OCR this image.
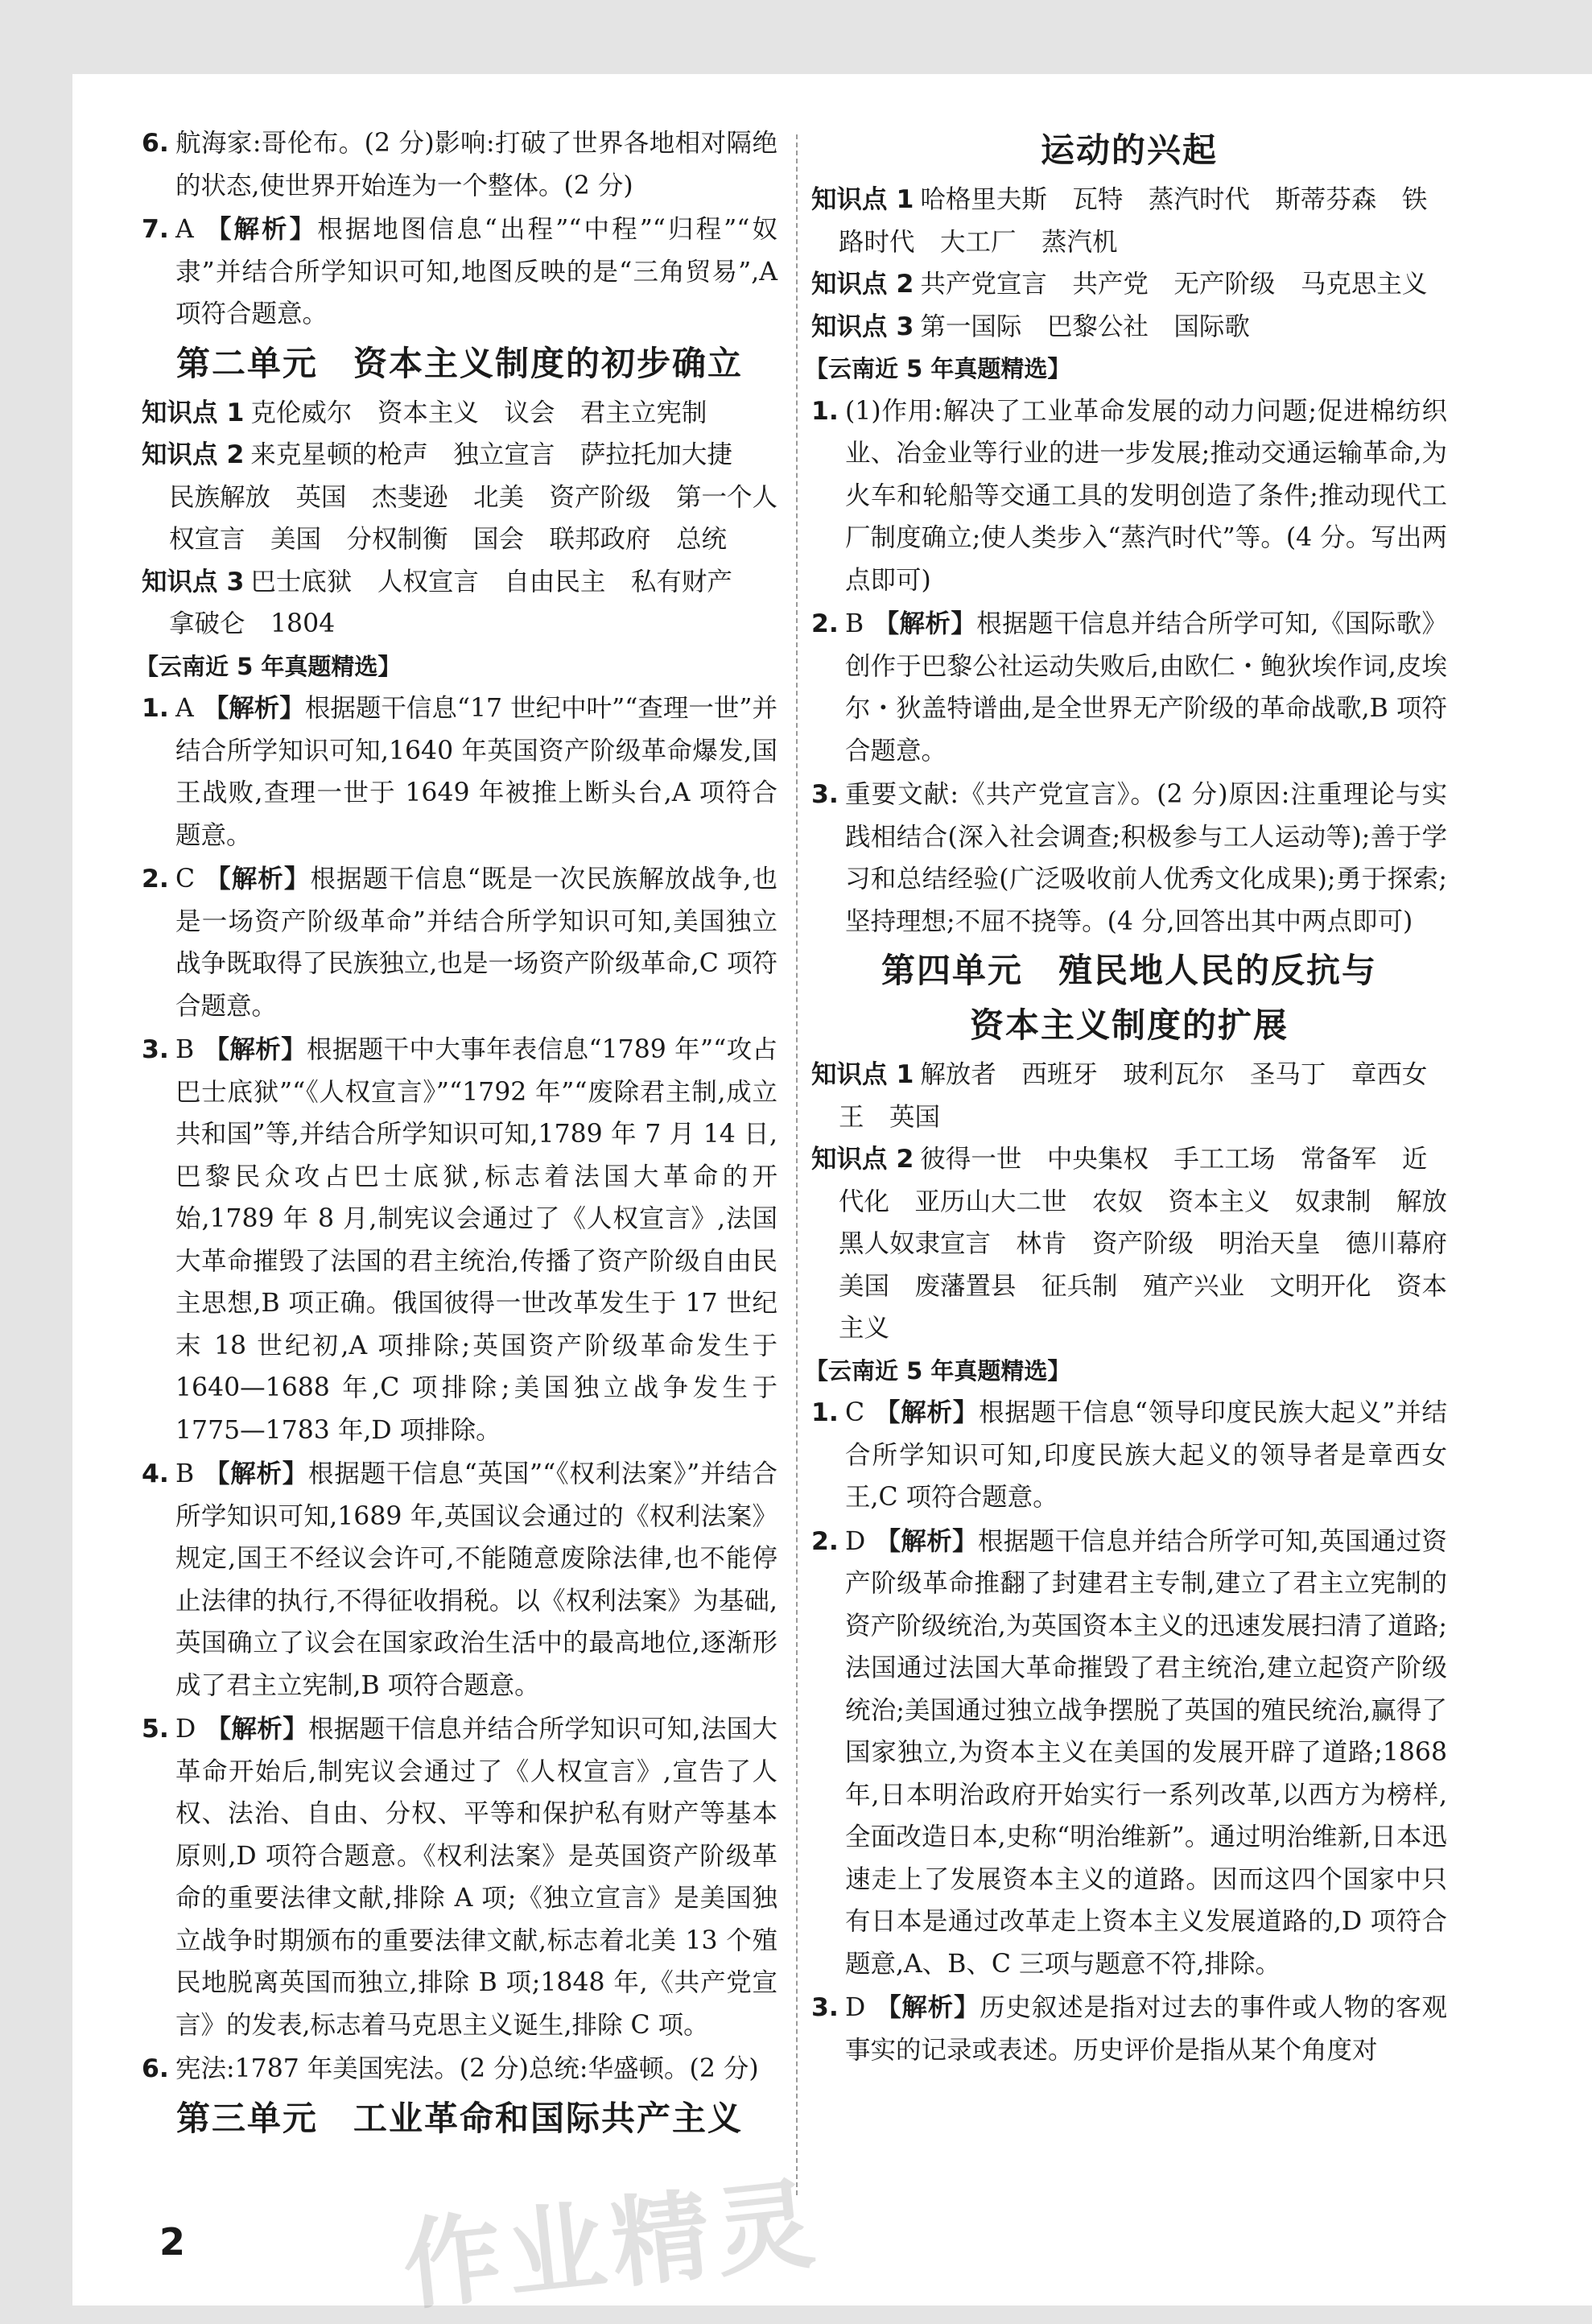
6. 航海家:哥伦布。(2 分)影响:打破了世界各地相对隔绝的状态,使世界开始连为一个整体。(2 分)
7. A 【解析】根据地图信息“出程”“中程”“归程”“奴隶”并结合所学知识可知,地图反映的是“三角贸易”,A 项符合题意。
第二单元　资本主义制度的初步确立

知识点 1 克伦威尔　资本主义　议会　君主立宪制

知识点 2 来克星顿的枪声　独立宣言　萨拉托加大捷　民族解放　英国　杰斐逊　北美　资产阶级　第一个人权宣言　美国　分权制衡　国会　联邦政府　总统

知识点 3 巴士底狱　人权宣言　自由民主　私有财产　拿破仑　1804

【云南近 5 年真题精选】
1. A 【解析】根据题干信息“17 世纪中叶”“查理一世”并结合所学知识可知,1640 年英国资产阶级革命爆发,国王战败,查理一世于 1649 年被推上断头台,A 项符合题意。
2. C 【解析】根据题干信息“既是一次民族解放战争,也是一场资产阶级革命”并结合所学知识可知,美国独立战争既取得了民族独立,也是一场资产阶级革命,C 项符合题意。
3. B 【解析】根据题干中大事年表信息“1789 年”“攻占巴士底狱”“《人权宣言》”“1792 年”“废除君主制,成立共和国”等,并结合所学知识可知,1789 年 7 月 14 日,巴黎民众攻占巴士底狱,标志着法国大革命的开始,1789 年 8 月,制宪议会通过了《人权宣言》,法国大革命摧毁了法国的君主统治,传播了资产阶级自由民主思想,B 项正确。俄国彼得一世改革发生于 17 世纪末 18 世纪初,A 项排除;英国资产阶级革命发生于 1640—1688 年,C 项排除;美国独立战争发生于 1775—1783 年,D 项排除。
4. B 【解析】根据题干信息“英国”“《权利法案》”并结合所学知识可知,1689 年,英国议会通过的《权利法案》规定,国王不经议会许可,不能随意废除法律,也不能停止法律的执行,不得征收捐税。以《权利法案》为基础,英国确立了议会在国家政治生活中的最高地位,逐渐形成了君主立宪制,B 项符合题意。
5. D 【解析】根据题干信息并结合所学知识可知,法国大革命开始后,制宪议会通过了《人权宣言》,宣告了人权、法治、自由、分权、平等和保护私有财产等基本原则,D 项符合题意。《权利法案》是英国资产阶级革命的重要法律文献,排除 A 项;《独立宣言》是美国独立战争时期颁布的重要法律文献,标志着北美 13 个殖民地脱离英国而独立,排除 B 项;1848 年,《共产党宣言》的发表,标志着马克思主义诞生,排除 C 项。
6. 宪法:1787 年美国宪法。(2 分)总统:华盛顿。(2 分)
第三单元　工业革命和国际共产主义
运动的兴起

知识点 1 哈格里夫斯　瓦特　蒸汽时代　斯蒂芬森　铁路时代　大工厂　蒸汽机

知识点 2 共产党宣言　共产党　无产阶级　马克思主义

知识点 3 第一国际　巴黎公社　国际歌

【云南近 5 年真题精选】
1. (1)作用:解决了工业革命发展的动力问题;促进棉纺织业、冶金业等行业的进一步发展;推动交通运输革命,为火车和轮船等交通工具的发明创造了条件;推动现代工厂制度确立;使人类步入“蒸汽时代”等。(4 分。写出两点即可)
2. B 【解析】根据题干信息并结合所学可知,《国际歌》创作于巴黎公社运动失败后,由欧仁・鲍狄埃作词,皮埃尔・狄盖特谱曲,是全世界无产阶级的革命战歌,B 项符合题意。
3. 重要文献:《共产党宣言》。(2 分)原因:注重理论与实践相结合(深入社会调查;积极参与工人运动等);善于学习和总结经验(广泛吸收前人优秀文化成果);勇于探索;坚持理想;不屈不挠等。(4 分,回答出其中两点即可)
第四单元　殖民地人民的反抗与
资本主义制度的扩展

知识点 1 解放者　西班牙　玻利瓦尔　圣马丁　章西女王　英国

知识点 2 彼得一世　中央集权　手工工场　常备军　近代化　亚历山大二世　农奴　资本主义　奴隶制　解放黑人奴隶宣言　林肯　资产阶级　明治天皇　德川幕府　美国　废藩置县　征兵制　殖产兴业　文明开化　资本主义

【云南近 5 年真题精选】
1. C 【解析】根据题干信息“领导印度民族大起义”并结合所学知识可知,印度民族大起义的领导者是章西女王,C 项符合题意。
2. D 【解析】根据题干信息并结合所学可知,英国通过资产阶级革命推翻了封建君主专制,建立了君主立宪制的资产阶级统治,为英国资本主义的迅速发展扫清了道路;法国通过法国大革命摧毁了君主统治,建立起资产阶级统治;美国通过独立战争摆脱了英国的殖民统治,赢得了国家独立,为资本主义在美国的发展开辟了道路;1868 年,日本明治政府开始实行一系列改革,以西方为榜样,全面改造日本,史称“明治维新”。通过明治维新,日本迅速走上了发展资本主义的道路。因而这四个国家中只有日本是通过改革走上资本主义发展道路的,D 项符合题意,A、B、C 三项与题意不符,排除。
3. D 【解析】历史叙述是指对过去的事件或人物的客观事实的记录或表述。历史评价是指从某个角度对
2 作业精灵
